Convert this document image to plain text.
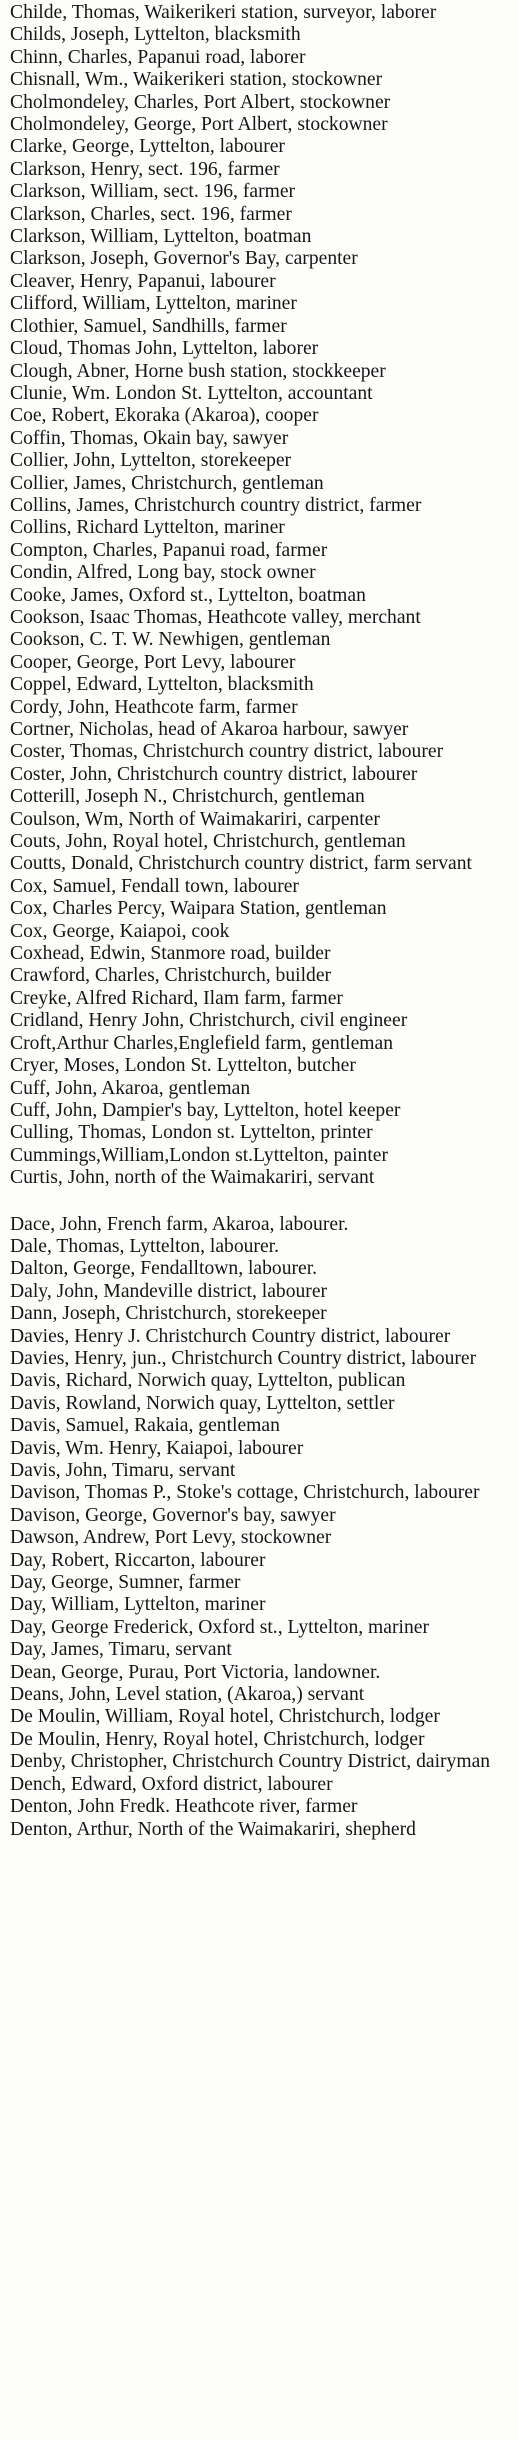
Childe, Thomas, Waikerikeri station, surveyor, laborer
Childs, Joseph, Lyttelton, blacksmith
Chinn, Charles, Papanui road, laborer
Chisnall, Wm., Waikerikeri station, stockowner
Cholmondeley, Charles, Port Albert, stockowner
Cholmondeley, George, Port Albert, stockowner
Clarke, George, Lyttelton, labourer
Clarkson, Henry, sect. 196, farmer
Clarkson, William, sect. 196, farmer
Clarkson, Charles, sect. 196, farmer
Clarkson, William, Lyttelton, boatman
Clarkson, Joseph, Governor's Bay, carpenter
Cleaver, Henry, Papanui, labourer
Clifford, William, Lyttelton, mariner
Clothier, Samuel, Sandhills, farmer
Cloud, Thomas John, Lyttelton, laborer
Clough, Abner, Horne bush station, stockkeeper
Clunie, Wm. London St. Lyttelton, accountant
Coe, Robert, Ekoraka (Akaroa), cooper
Coffin, Thomas, Okain bay, sawyer
Collier, John, Lyttelton, storekeeper
Collier, James, Christchurch, gentleman
Collins, James, Christchurch country district, farmer
Collins, Richard Lyttelton, mariner
Compton, Charles, Papanui road, farmer
Condin, Alfred, Long bay, stock owner
Cooke, James, Oxford st., Lyttelton, boatman
Cookson, Isaac Thomas, Heathcote valley, merchant
Cookson, C. T. W. Newhigen, gentleman
Cooper, George, Port Levy, labourer
Coppel, Edward, Lyttelton, blacksmith
Cordy, John, Heathcote farm, farmer
Cortner, Nicholas, head of Akaroa harbour, sawyer
Coster, Thomas, Christchurch country district, labourer
Coster, John, Christchurch country district, labourer
Cotterill, Joseph N., Christchurch, gentleman
Coulson, Wm, North of Waimakariri, carpenter
Couts, John, Royal hotel, Christchurch, gentleman
Coutts, Donald, Christchurch country district, farm servant
Cox, Samuel, Fendall town, labourer
Cox, Charles Percy, Waipara Station, gentleman
Cox, George, Kaiapoi, cook
Coxhead, Edwin, Stanmore road, builder
Crawford, Charles, Christchurch, builder
Creyke, Alfred Richard, Ilam farm, farmer
Cridland, Henry John, Christchurch, civil engineer
Croft,Arthur Charles,Englefield farm, gentleman
Cryer, Moses, London St. Lyttelton, butcher
Cuff, John, Akaroa, gentleman
Cuff, John, Dampier's bay, Lyttelton, hotel keeper
Culling, Thomas, London st. Lyttelton, printer
Cummings,William,London st.Lyttelton, painter
Curtis, John, north of the Waimakariri, servant
Dace, John, French farm, Akaroa, labourer.
Dale, Thomas, Lyttelton, labourer.
Dalton, George, Fendalltown, labourer.
Daly, John, Mandeville district, labourer
Dann, Joseph, Christchurch, storekeeper
Davies, Henry J. Christchurch Country district, labourer
Davies, Henry, jun., Christchurch Country district, labourer
Davis, Richard, Norwich quay, Lyttelton, publican
Davis, Rowland, Norwich quay, Lyttelton, settler
Davis, Samuel, Rakaia, gentleman
Davis, Wm. Henry, Kaiapoi, labourer
Davis, John, Timaru, servant
Davison, Thomas P., Stoke's cottage, Christchurch, labourer
Davison, George, Governor's bay, sawyer
Dawson, Andrew, Port Levy, stockowner
Day, Robert, Riccarton, labourer
Day, George, Sumner, farmer
Day, William, Lyttelton, mariner
Day, George Frederick, Oxford st., Lyttelton, mariner
Day, James, Timaru, servant
Dean, George, Purau, Port Victoria, landowner.
Deans, John, Level station, (Akaroa,) servant
De Moulin, William, Royal hotel, Christchurch, lodger
De Moulin, Henry, Royal hotel, Christchurch, lodger
Denby, Christopher, Christchurch Country District, dairyman
Dench, Edward, Oxford district, labourer
Denton, John Fredk. Heathcote river, farmer
Denton, Arthur, North of the Waimakariri, shepherd
